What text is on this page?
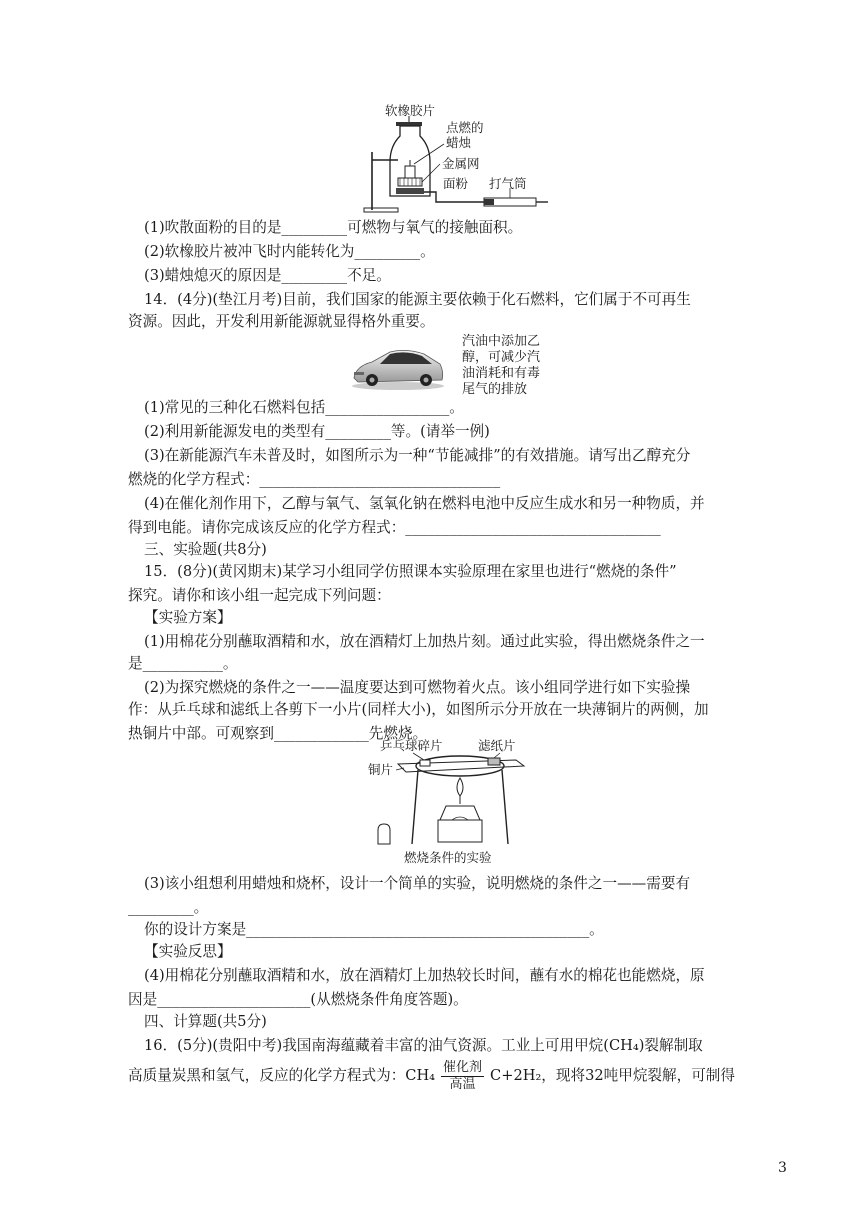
软橡胶片
点燃的
蜡烛
金属网
面粉 打气筒
(1)吹散面粉的目的是_________可燃物与氧气的接触面积。
(2)软橡胶片被冲飞时内能转化为_________。
(3)蜡烛熄灭的原因是_________不足。
14．(4分)(垫江月考)目前，我们国家的能源主要依赖于化石燃料，它们属于不可再生
资源。因此，开发利用新能源就显得格外重要。
汽油中添加乙
醇，可减少汽
油消耗和有毒
尾气的排放
(1)常见的三种化石燃料包括_________________。
(2)利用新能源发电的类型有_________等。(请举一例)
(3)在新能源汽车未普及时，如图所示为一种“节能减排”的有效措施。请写出乙醇充分
燃烧的化学方程式：_________________________________
(4)在催化剂作用下，乙醇与氧气、氢氧化钠在燃料电池中反应生成水和另一种物质，并
得到电能。请你完成该反应的化学方程式：___________________________________
三、实验题(共8分)
15．(8分)(黄冈期末)某学习小组同学仿照课本实验原理在家里也进行“燃烧的条件”
探究。请你和该小组一起完成下列问题：
【实验方案】
(1)用棉花分别蘸取酒精和水，放在酒精灯上加热片刻。通过此实验，得出燃烧条件之一
是___________。
(2)为探究燃烧的条件之一——温度要达到可燃物着火点。该小组同学进行如下实验操
作：从乒乓球和滤纸上各剪下一小片(同样大小)，如图所示分开放在一块薄铜片的两侧，加
热铜片中部。可观察到_____________先燃烧。
乒乓球碎片	滤纸片
铜片
燃烧条件的实验
(3)该小组想利用蜡烛和烧杯，设计一个简单的实验，说明燃烧的条件之一——需要有
_________。
你的设计方案是_______________________________________________。
【实验反思】
(4)用棉花分别蘸取酒精和水，放在酒精灯上加热较长时间，蘸有水的棉花也能燃烧，原
因是_____________________(从燃烧条件角度答题)。
四、计算题(共5分)
16．(5分)(贵阳中考)我国南海蕴藏着丰富的油气资源。工业上可用甲烷(CH₄)裂解制取
高质量炭黑和氢气，反应的化学方程式为：$CH_4 \frac{\text{催化剂}}{\text{高温}} C+2H_2$，现将32吨甲烷裂解，可制得
3
